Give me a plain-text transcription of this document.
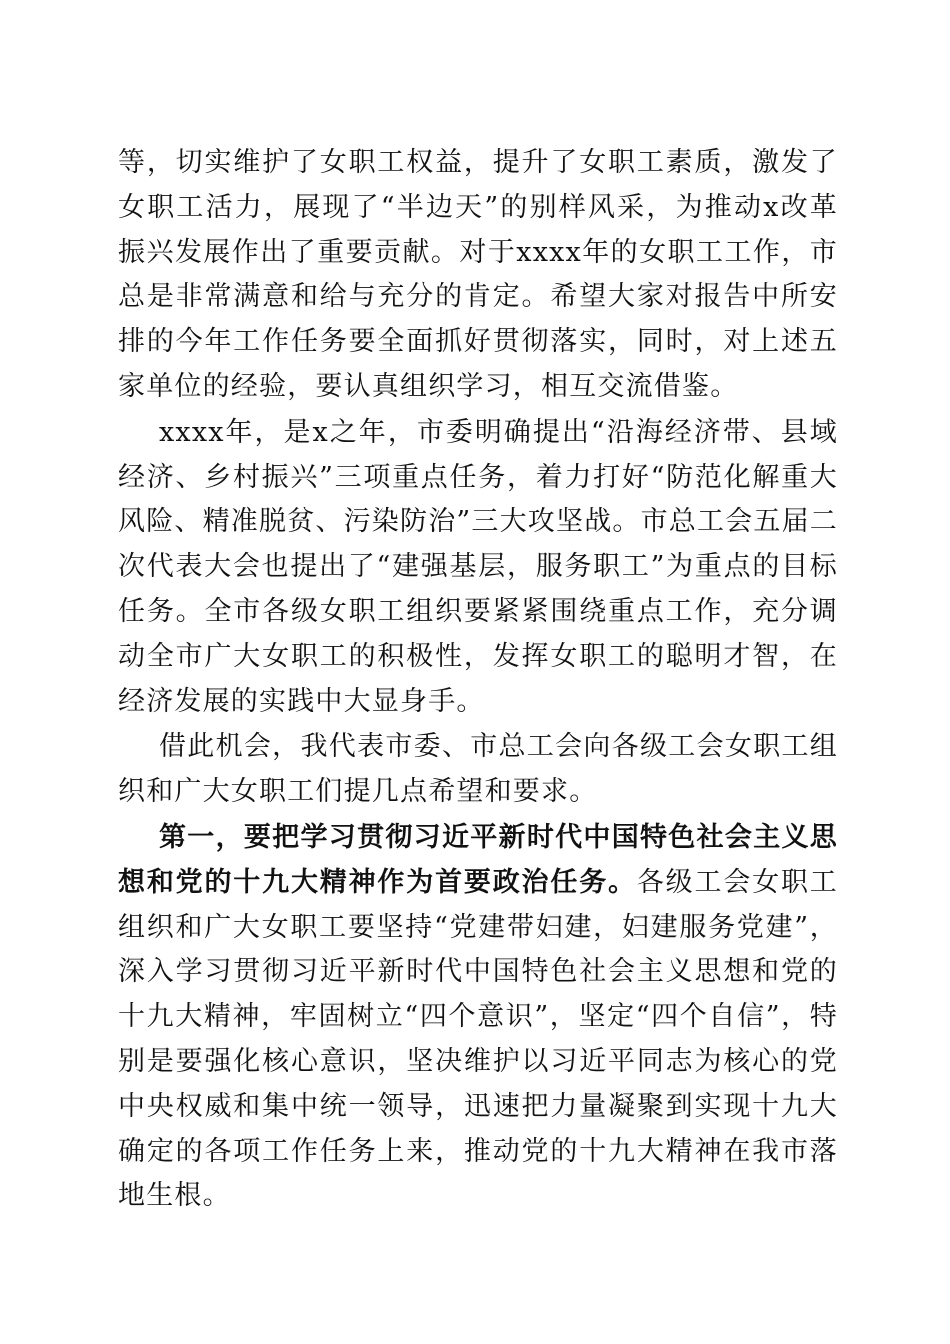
等，切实维护了女职工权益，提升了女职工素质，激发了女职工活力，展现了“半边天”的别样风采，为推动x改革振兴发展作出了重要贡献。对于xxxx年的女职工工作，市总是非常满意和给与充分的肯定。希望大家对报告中所安排的今年工作任务要全面抓好贯彻落实，同时，对上述五家单位的经验，要认真组织学习，相互交流借鉴。

xxxx年，是x之年，市委明确提出“沿海经济带、县域经济、乡村振兴”三项重点任务，着力打好“防范化解重大风险、精准脱贫、污染防治”三大攻坚战。市总工会五届二次代表大会也提出了“建强基层，服务职工”为重点的目标任务。全市各级女职工组织要紧紧围绕重点工作，充分调动全市广大女职工的积极性，发挥女职工的聪明才智，在经济发展的实践中大显身手。

借此机会，我代表市委、市总工会向各级工会女职工组织和广大女职工们提几点希望和要求。

第一，要把学习贯彻习近平新时代中国特色社会主义思想和党的十九大精神作为首要政治任务。各级工会女职工组织和广大女职工要坚持“党建带妇建，妇建服务党建”，深入学习贯彻习近平新时代中国特色社会主义思想和党的十九大精神，牢固树立“四个意识”，坚定“四个自信”，特别是要强化核心意识，坚决维护以习近平同志为核心的党中央权威和集中统一领导，迅速把力量凝聚到实现十九大确定的各项工作任务上来，推动党的十九大精神在我市落地生根。
